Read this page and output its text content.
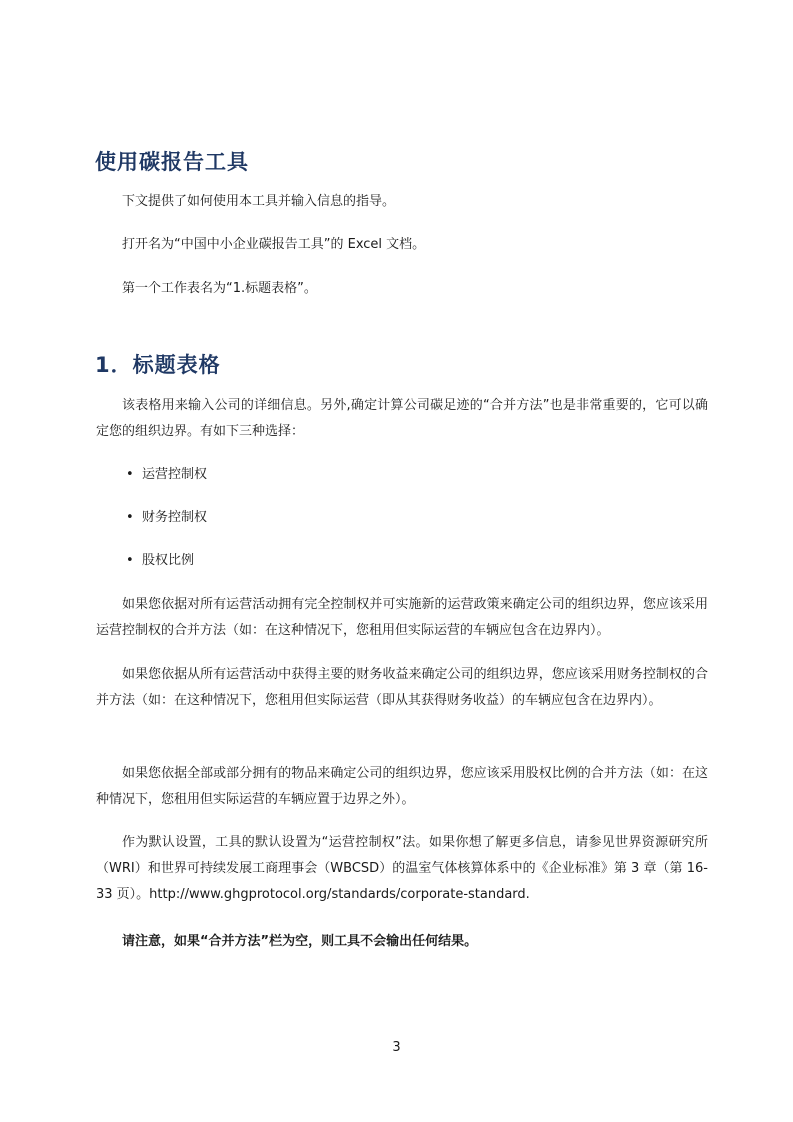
使用碳报告工具

下文提供了如何使用本工具并输入信息的指导。

打开名为“中国中小企业碳报告工具”的 Excel 文档。

第一个工作表名为“1.标题表格”。

1．标题表格

该表格用来输入公司的详细信息。另外,确定计算公司碳足迹的“合并方法”也是非常重要的，它可以确定您的组织边界。有如下三种选择：

• 运营控制权

• 财务控制权

• 股权比例

如果您依据对所有运营活动拥有完全控制权并可实施新的运营政策来确定公司的组织边界，您应该采用运营控制权的合并方法（如：在这种情况下，您租用但实际运营的车辆应包含在边界内）。

如果您依据从所有运营活动中获得主要的财务收益来确定公司的组织边界，您应该采用财务控制权的合并方法（如：在这种情况下，您租用但实际运营（即从其获得财务收益）的车辆应包含在边界内）。

如果您依据全部或部分拥有的物品来确定公司的组织边界，您应该采用股权比例的合并方法（如：在这种情况下，您租用但实际运营的车辆应置于边界之外）。

作为默认设置，工具的默认设置为“运营控制权”法。如果你想了解更多信息，请参见世界资源研究所（WRI）和世界可持续发展工商理事会（WBCSD）的温室气体核算体系中的《企业标准》第 3 章（第 16-33 页）。http://www.ghgprotocol.org/standards/corporate-standard.

请注意，如果“合并方法”栏为空，则工具不会输出任何结果。

3
